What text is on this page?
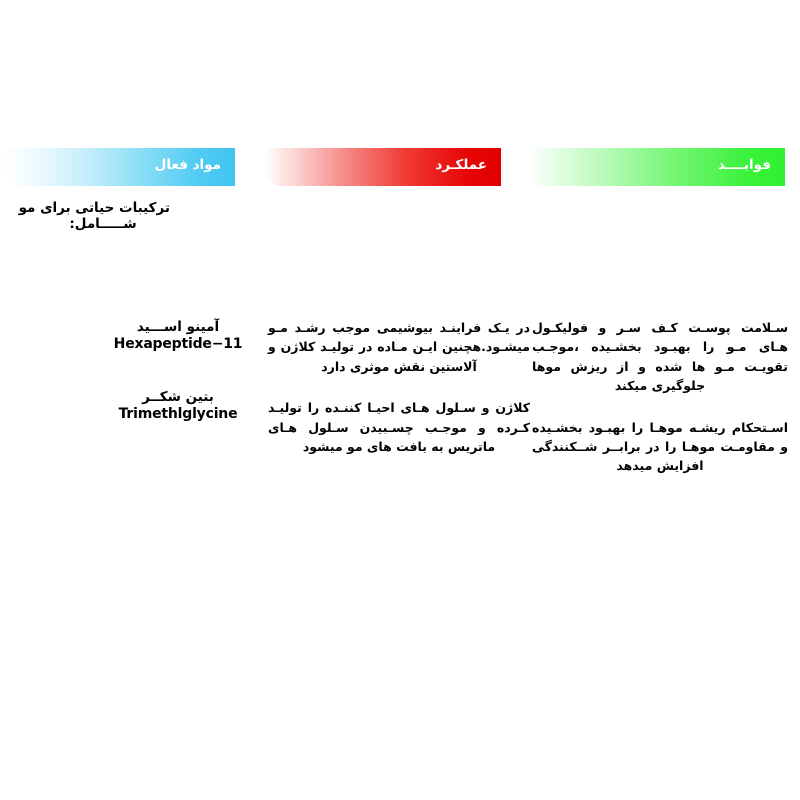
مواد فعال	عملکـرد	فوایــــد

ترکیبات حیاتی برای مو

شـــــامل:

آمینو اســـید
Hexapeptide−11
بتین شکــر
Trimethlglycine

در یـک فراینـد بیوشیمی موجب رشـد مـو میشـود.هچنین ایـن مـاده در تولیـد کلاژن و آلاستین نقش موثری دارد

کلاژن و سـلول هـای احیـا کننـده را تولیـد کـرده و موجـب چسـبیدن سـلول هـای ماتریس به بافت های مو میشود

سـلامت پوسـت کـف سـر و فولیکـول هـای مـو را بهبـود بخشـیده ،موجـب تقویـت مـو ها شده و از ریزش موها جلوگیری میکند

اسـتحکام ریشـه موهـا را بهبـود بخشـیده و مقاومـت موهـا را در برابــر شــکنندگی افزایش میدهد
